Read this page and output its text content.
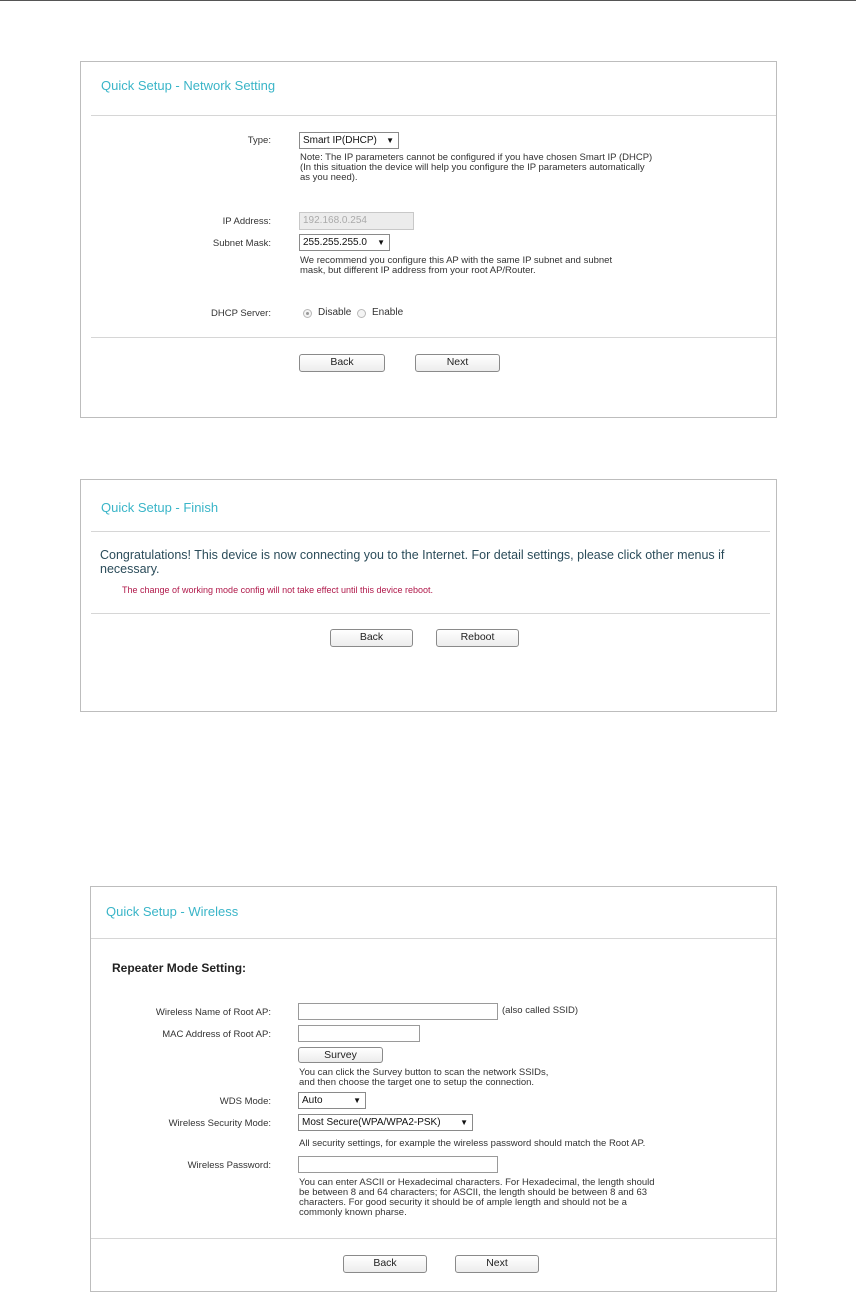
Quick Setup - Network Setting
Type:	Smart IP(DHCP) ▼
Note: The IP parameters cannot be configured if you have chosen Smart IP (DHCP)
(In this situation the device will help you configure the IP parameters automatically
as you need).
IP Address:	192.168.0.254
Subnet Mask:	255.255.255.0 ▼
We recommend you configure this AP with the same IP subnet and subnet
mask, but different IP address from your root AP/Router.
DHCP Server:	Disable Enable
Back	Next
Quick Setup - Finish
Congratulations! This device is now connecting you to the Internet. For detail settings, please click other menus if
necessary.
The change of working mode config will not take effect until this device reboot.
Back	Reboot
Quick Setup - Wireless
Repeater Mode Setting:
Wireless Name of Root AP:	(also called SSID)
MAC Address of Root AP:
Survey
You can click the Survey button to scan the network SSIDs,
and then choose the target one to setup the connection.
WDS Mode:	Auto	▼
Wireless Security Mode:	Most Secure(WPA/WPA2-PSK) ▼
All security settings, for example the wireless password should match the Root AP.
Wireless Password:
You can enter ASCII or Hexadecimal characters. For Hexadecimal, the length should
be between 8 and 64 characters; for ASCII, the length should be between 8 and 63
characters. For good security it should be of ample length and should not be a
commonly known pharse.
Back	Next
